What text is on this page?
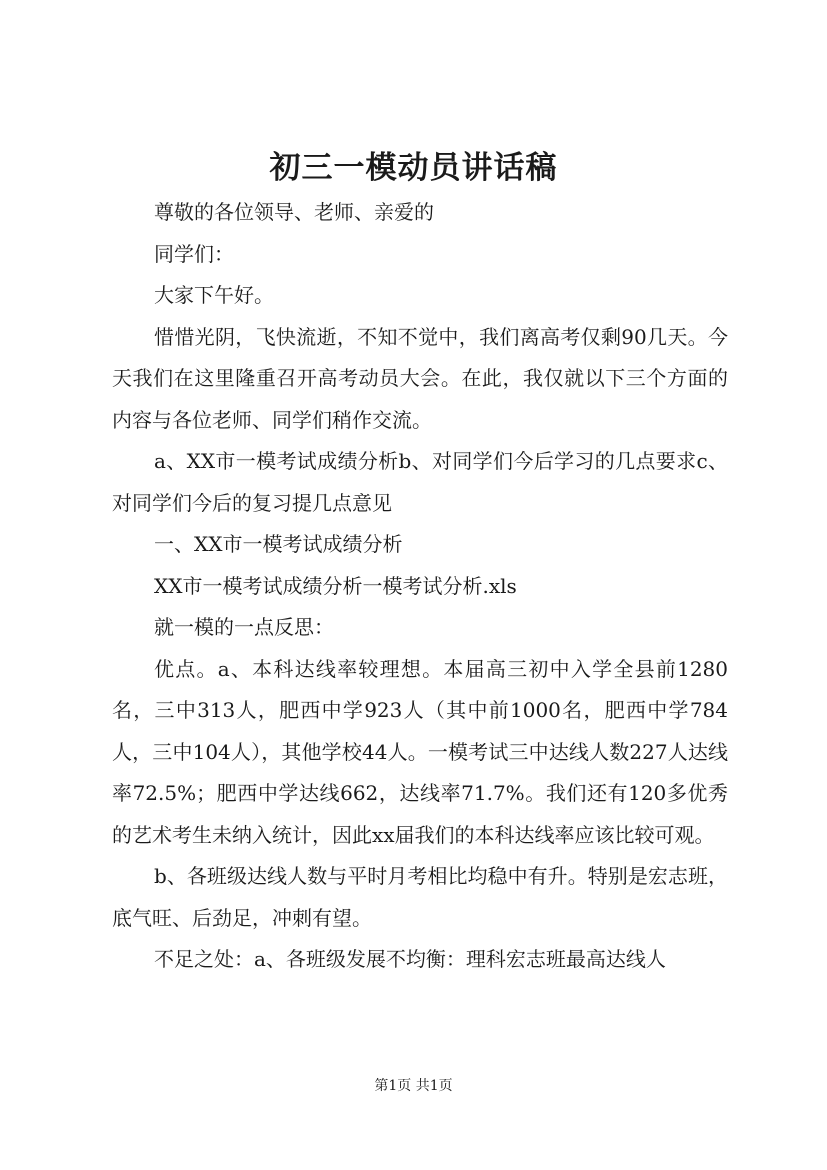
初三一模动员讲话稿

尊敬的各位领导、老师、亲爱的

同学们：

大家下午好。

惜惜光阴，飞快流逝，不知不觉中，我们离高考仅剩90几天。今天我们在这里隆重召开高考动员大会。在此，我仅就以下三个方面的内容与各位老师、同学们稍作交流。

a、XX市一模考试成绩分析b、对同学们今后学习的几点要求c、对同学们今后的复习提几点意见

一、XX市一模考试成绩分析

XX市一模考试成绩分析一模考试分析.xls

就一模的一点反思：

优点。a、本科达线率较理想。本届高三初中入学全县前1280名，三中313人，肥西中学923人（其中前1000名，肥西中学784人，三中104人），其他学校44人。一模考试三中达线人数227人达线率72.5%；肥西中学达线662，达线率71.7%。我们还有120多优秀的艺术考生未纳入统计，因此xx届我们的本科达线率应该比较可观。

b、各班级达线人数与平时月考相比均稳中有升。特别是宏志班，底气旺、后劲足，冲刺有望。

不足之处：a、各班级发展不均衡：理科宏志班最高达线人

第1页 共1页
